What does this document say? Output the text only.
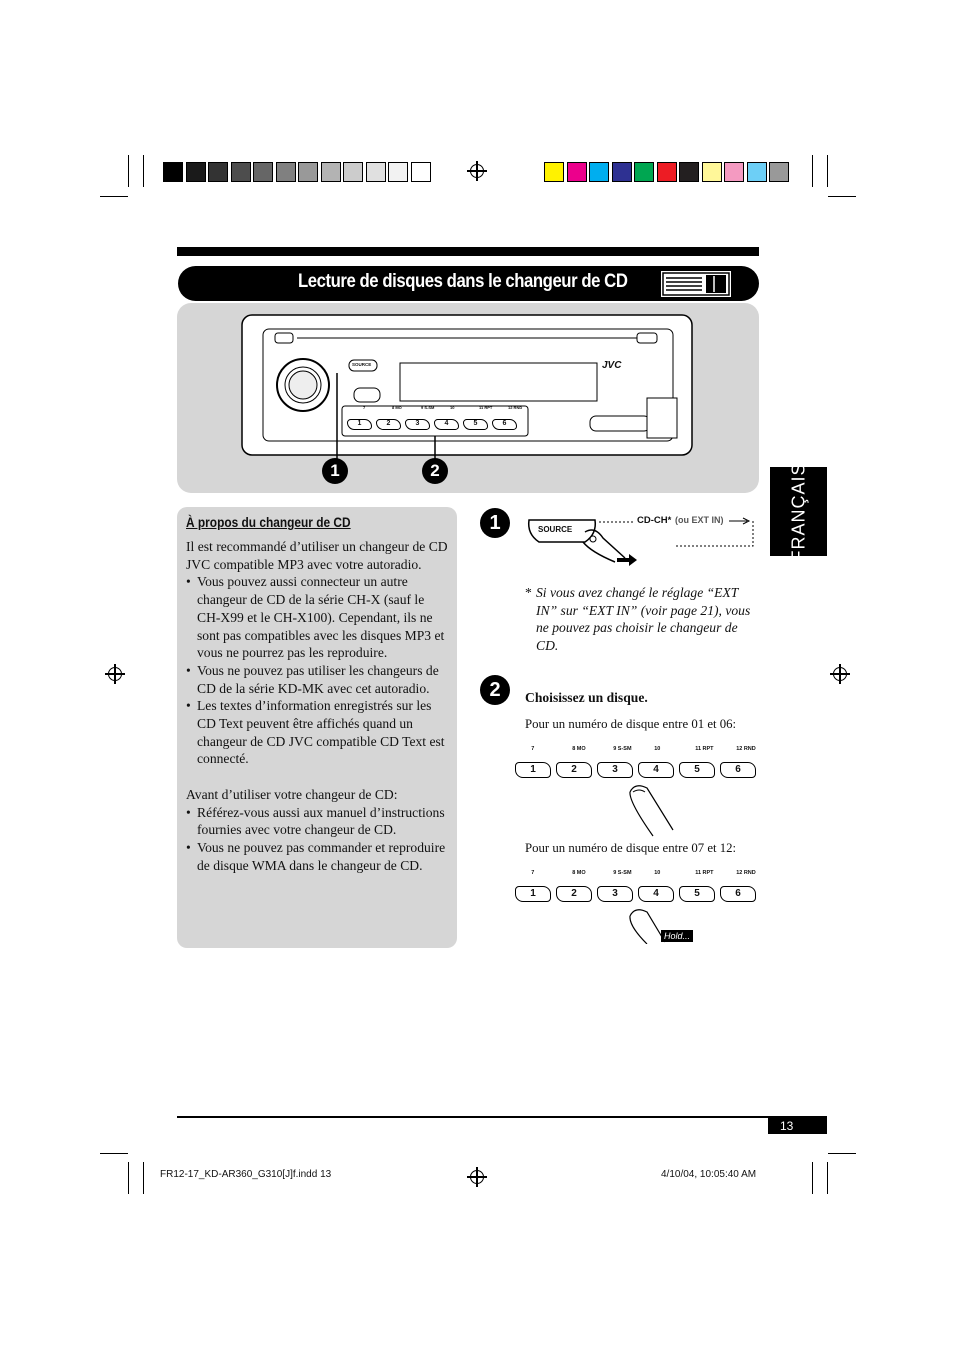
Lecture de disques dans le changeur de CD
JVC
SOURCE
7	8 MO	9 S-SM	10	11 RPT	12 RND
1	2	3	4	5	6
1	2	FRANÇAIS
À propos du changeur de CD
Il est recommandé d’utiliser un changeur de CD JVC compatible MP3 avec votre autoradio.
• Vous pouvez aussi connecteur un autre changeur de CD de la série CH-X (sauf le CH-X99 et le CH-X100). Cependant, ils ne sont pas compatibles avec les disques MP3 et vous ne pourrez pas les reproduire.
• Vous ne pouvez pas utiliser les changeurs de CD de la série KD-MK avec cet autoradio.
• Les textes d’information enregistrés sur les CD Text peuvent être affichés quand un changeur de CD JVC compatible CD Text est connecté.
Avant d’utiliser votre changeur de CD:
• Référez-vous aussi aux manuel d’instructions fournies avec votre changeur de CD.
• Vous ne pouvez pas commander et reproduire de disque WMA dans le changeur de CD.
1	SOURCE
CD-CH* (ou EXT IN)
* Si vous avez changé le réglage “EXT IN” sur “EXT IN” (voir page 21), vous ne pouvez pas choisir le changeur de CD.
2	Choisissez un disque.
Pour un numéro de disque entre 01 et 06:
Pour un numéro de disque entre 07 et 12:
7	8 MO	9 S-SM	10	11 RPT	12 RND
1	2	3	4	5	6
7	8 MO	9 S-SM	10	11 RPT	12 RND
1	2	3	4	5	6
Hold...
13
FR12-17_KD-AR360_G310[J]f.indd 13	4/10/04, 10:05:40 AM
